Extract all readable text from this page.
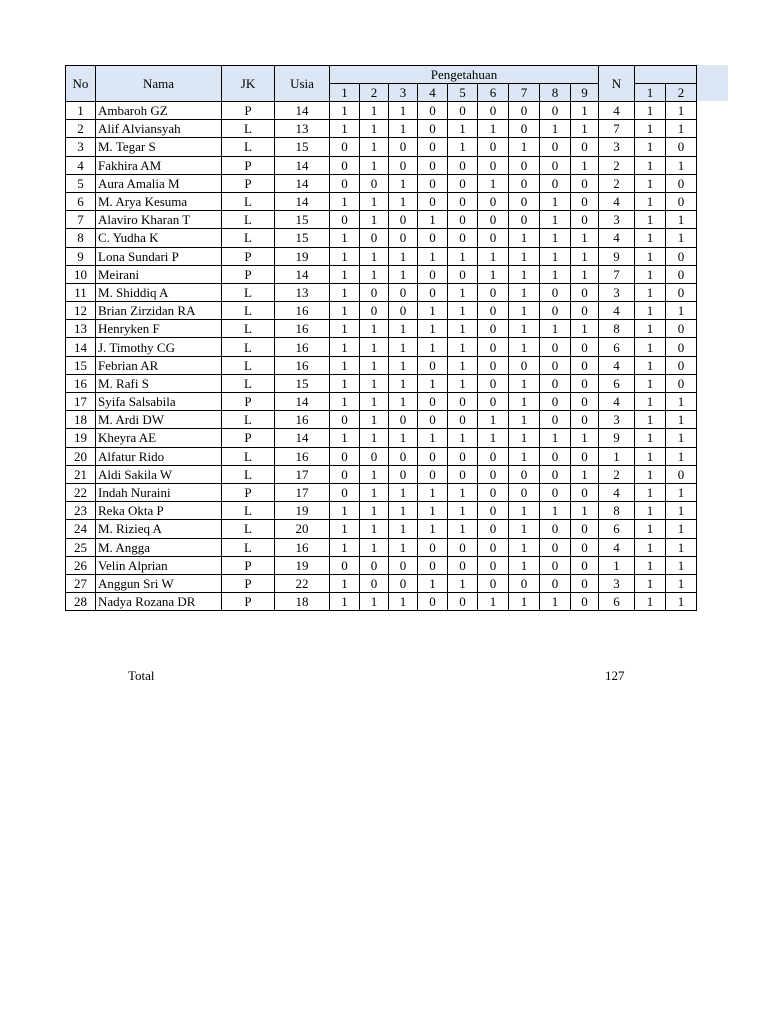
No	Nama	JK	Usia	Pengetahuan									N		
				1	2	3	4	5	6	7	8	9		1	2
1	Ambaroh GZ	P	14	1	1	1	0	0	0	0	0	1	4	1	1
2	Alif Alviansyah	L	13	1	1	1	0	1	1	0	1	1	7	1	1
3	M. Tegar S	L	15	0	1	0	0	1	0	1	0	0	3	1	0
4	Fakhira AM	P	14	0	1	0	0	0	0	0	0	1	2	1	1
5	Aura Amalia M	P	14	0	0	1	0	0	1	0	0	0	2	1	0
6	M. Arya Kesuma	L	14	1	1	1	0	0	0	0	1	0	4	1	0
7	Alaviro Kharan T	L	15	0	1	0	1	0	0	0	1	0	3	1	1
8	C. Yudha K	L	15	1	0	0	0	0	0	1	1	1	4	1	1
9	Lona Sundari P	P	19	1	1	1	1	1	1	1	1	1	9	1	0
10	Meirani	P	14	1	1	1	0	0	1	1	1	1	7	1	0
11	M. Shiddiq A	L	13	1	0	0	0	1	0	1	0	0	3	1	0
12	Brian Zirzidan RA	L	16	1	0	0	1	1	0	1	0	0	4	1	1
13	Henryken F	L	16	1	1	1	1	1	0	1	1	1	8	1	0
14	J. Timothy CG	L	16	1	1	1	1	1	0	1	0	0	6	1	0
15	Febrian AR	L	16	1	1	1	0	1	0	0	0	0	4	1	0
16	M. Rafi S	L	15	1	1	1	1	1	0	1	0	0	6	1	0
17	Syifa Salsabila	P	14	1	1	1	0	0	0	1	0	0	4	1	1
18	M. Ardi DW	L	16	0	1	0	0	0	1	1	0	0	3	1	1
19	Kheyra AE	P	14	1	1	1	1	1	1	1	1	1	9	1	1
20	Alfatur Rido	L	16	0	0	0	0	0	0	1	0	0	1	1	1
21	Aldi Sakila W	L	17	0	1	0	0	0	0	0	0	1	2	1	0
22	Indah Nuraini	P	17	0	1	1	1	1	0	0	0	0	4	1	1
23	Reka Okta P	L	19	1	1	1	1	1	0	1	1	1	8	1	1
24	M. Rizieq A	L	20	1	1	1	1	1	0	1	0	0	6	1	1
25	M. Angga	L	16	1	1	1	0	0	0	1	0	0	4	1	1
26	Velin Alprian	P	19	0	0	0	0	0	0	1	0	0	1	1	1
27	Anggun Sri W	P	22	1	0	0	1	1	0	0	0	0	3	1	1
28	Nadya Rozana DR	P	18	1	1	1	0	0	1	1	1	0	6	1	1
Total	127
